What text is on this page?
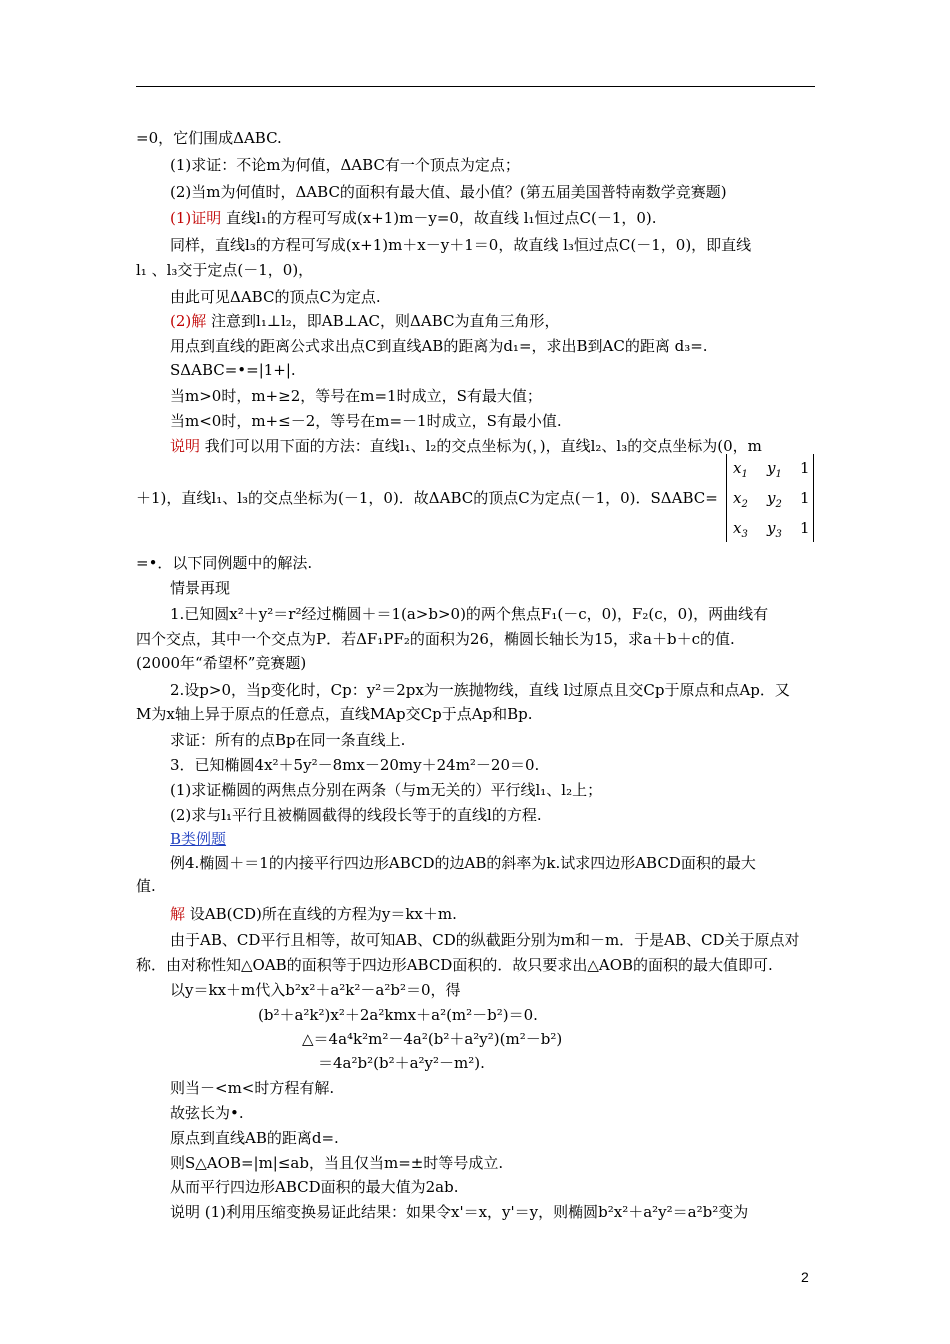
=0，它们围成ΔABC.
(1)求证：不论m为何值，ΔABC有一个顶点为定点；
(2)当m为何值时，ΔABC的面积有最大值、最小值？(第五届美国普特南数学竞赛题)
(1)证明 直线l₁的方程可写成(x+1)m－y=0，故直线 l₁恒过点C(－1，0).
同样，直线l₃的方程可写成(x+1)m＋x－y＋1＝0，故直线 l₃恒过点C(－1，0)，即直线
l₁ 、l₃交于定点(－1，0)，
由此可见ΔABC的顶点C为定点.
(2)解 注意到l₁⊥l₂，即AB⊥AC，则ΔABC为直角三角形，
用点到直线的距离公式求出点C到直线AB的距离为d₁=，求出B到AC的距离 d₃=.
SΔABC=•=|1+|.
当m>0时，m+≥2，等号在m=1时成立，S有最大值；
当m<0时，m+≤－2，等号在m=－1时成立，S有最小值.
说明 我们可以用下面的方法：直线l₁、l₂的交点坐标为(，)，直线l₂、l₃的交点坐标为(0，m
＋1)，直线l₁、l₃的交点坐标为(－1，0)．故ΔABC的顶点C为定点(－1，0)．SΔABC=
=•．以下同例题中的解法.
情景再现
1.已知圆x²＋y²＝r²经过椭圆＋＝1(a>b>0)的两个焦点F₁(－c，0)，F₂(c，0)，两曲线有
四个交点，其中一个交点为P．若ΔF₁PF₂的面积为26，椭圆长轴长为15，求a＋b＋c的值.
(2000年“希望杯”竞赛题)
2.设p>0，当p变化时，Cp：y²＝2px为一族抛物线，直线 l过原点且交Cp于原点和点Ap．又
M为x轴上异于原点的任意点，直线MAp交Cp于点Ap和Bp.
求证：所有的点Bp在同一条直线上.
3．已知椭圆4x²＋5y²－8mx－20my＋24m²－20＝0.
(1)求证椭圆的两焦点分别在两条（与m无关的）平行线l₁、l₂上；
(2)求与l₁平行且被椭圆截得的线段长等于的直线l的方程.
B类例题
例4.椭圆＋＝1的内接平行四边形ABCD的边AB的斜率为k.试求四边形ABCD面积的最大
值.
解 设AB(CD)所在直线的方程为y＝kx＋m.
由于AB、CD平行且相等，故可知AB、CD的纵截距分别为m和－m．于是AB、CD关于原点对
称．由对称性知△OAB的面积等于四边形ABCD面积的．故只要求出△AOB的面积的最大值即可.
以y＝kx＋m代入b²x²＋a²k²－a²b²＝0，得
(b²＋a²k²)x²＋2a²kmx＋a²(m²－b²)＝0.
△＝4a⁴k²m²－4a²(b²＋a²y²)(m²－b²)
＝4a²b²(b²＋a²y²－m²).
则当－<m<时方程有解.
故弦长为•.
原点到直线AB的距离d=.
则S△AOB=|m|≤ab，当且仅当m=±时等号成立.
从而平行四边形ABCD面积的最大值为2ab.
说明 (1)利用压缩变换易证此结果：如果令x'＝x，y'＝y，则椭圆b²x²＋a²y²＝a²b²变为
$x_1$ $y_1$ 1
$x_2$ $y_2$ 1
$x_3$ $y_3$ 1
2
